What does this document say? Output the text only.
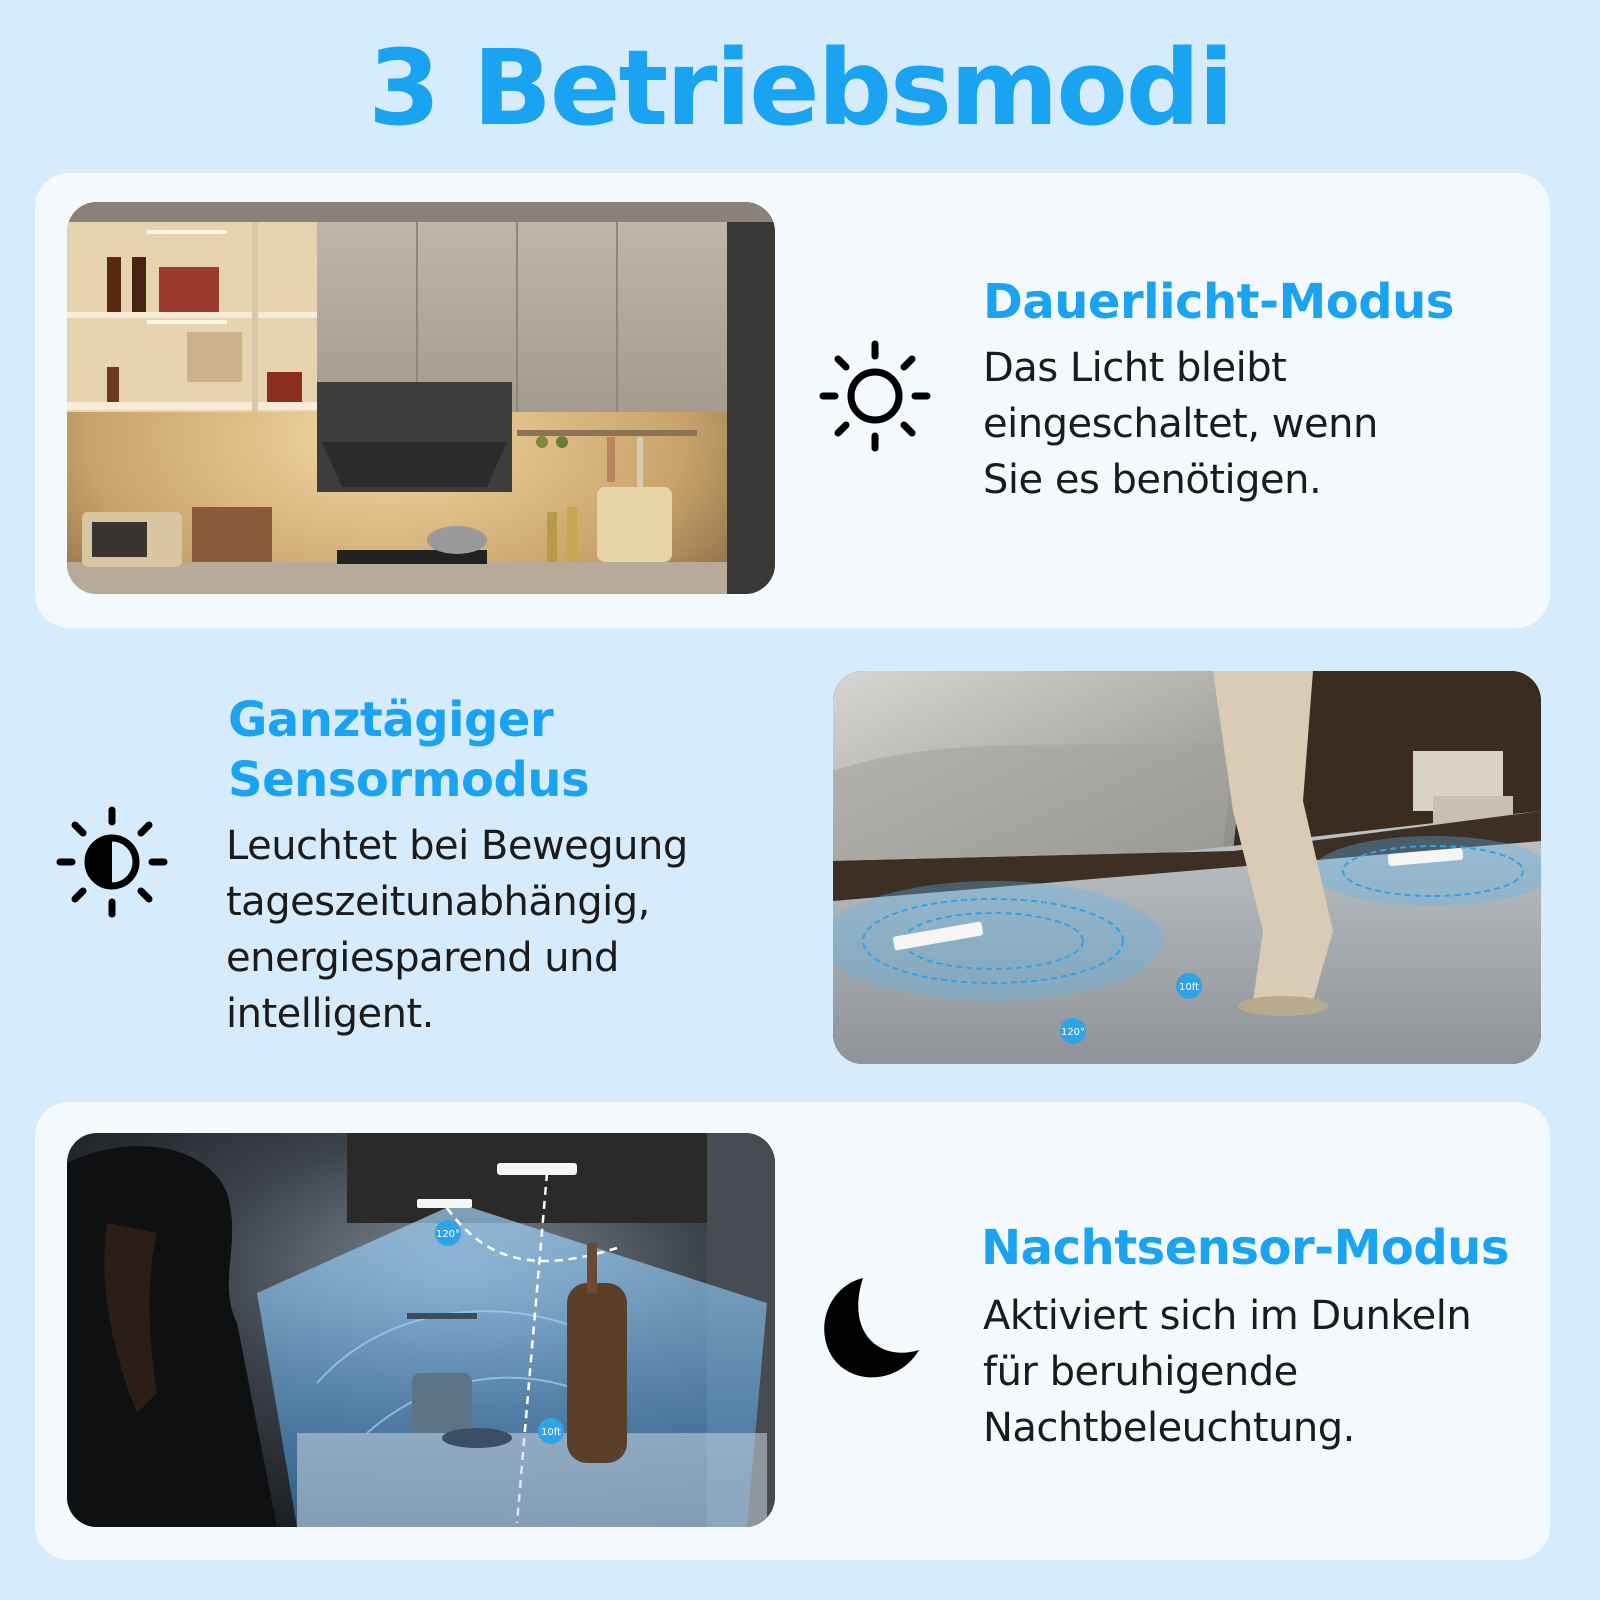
3 Betriebsmodi
10ft
120°
120°
10ft
Dauerlicht-Modus
Das Licht bleibt
eingeschaltet, wenn
Sie es benötigen.
Ganztägiger
Sensormodus
Leuchtet bei Bewegung
tageszeitunabhängig,
energiesparend und
intelligent.
Nachtsensor-Modus
Aktiviert sich im Dunkeln
für beruhigende
Nachtbeleuchtung.
